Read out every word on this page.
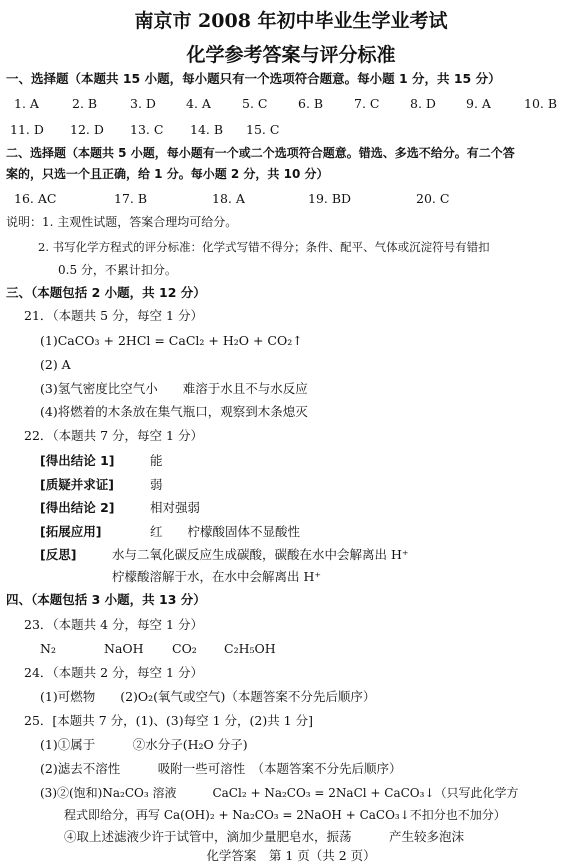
南京市 2008 年初中毕业生学业考试
化学参考答案与评分标准
一、选择题（本题共 15 小题，每小题只有一个选项符合题意。每小题 1 分，共 15 分）
1. A	2. B	3. D 4. A 5. C 6. B 7. C 8. D 9. A	10. B
11. D 12. D 13. C 14. B 15. C
二、选择题（本题共 5 小题，每小题有一个或二个选项符合题意。错选、多选不给分。有二个答
案的，只选一个且正确，给 1 分。每小题 2 分，共 10 分）
16. AC	17. B	18. A	19. BD	20. C
说明：1. 主观性试题，答案合理均可给分。
2. 书写化学方程式的评分标准：化学式写错不得分；条件、配平、气体或沉淀符号有错扣
0.5 分，不累计扣分。
三、（本题包括 2 小题，共 12 分）
21．（本题共 5 分，每空 1 分）
(1)CaCO₃ + 2HCl = CaCl₂ + H₂O + CO₂↑
(2) A
(3)氢气密度比空气小　　难溶于水且不与水反应
(4)将燃着的木条放在集气瓶口，观察到木条熄灭
22．（本题共 7 分，每空 1 分）
[得出结论 1]	能
[质疑并求证]	弱
[得出结论 2]	相对强弱
[拓展应用]	红　　柠檬酸固体不显酸性
[反思]	水与二氧化碳反应生成碳酸，碳酸在水中会解离出 H⁺
柠檬酸溶解于水，在水中会解离出 H⁺
四、（本题包括 3 小题，共 13 分）
23．（本题共 4 分，每空 1 分）
N₂	NaOH CO₂ C₂H₅OH
24．（本题共 2 分，每空 1 分）
(1)可燃物　　(2)O₂(氧气或空气)（本题答案不分先后顺序）
25．[本题共 7 分，(1)、(3)每空 1 分，(2)共 1 分]
(1)①属于　　　②水分子(H₂O 分子)
(2)滤去不溶性　　　吸附一些可溶性　（本题答案不分先后顺序）
(3)②(饱和)Na₂CO₃ 溶液　　　CaCl₂ + Na₂CO₃ = 2NaCl + CaCO₃↓（只写此化学方
程式即给分，再写 Ca(OH)₂ + Na₂CO₃ = 2NaOH + CaCO₃↓不扣分也不加分）
④取上述滤液少许于试管中，滴加少量肥皂水，振荡　　　产生较多泡沫
化学答案　第 1 页（共 2 页）
